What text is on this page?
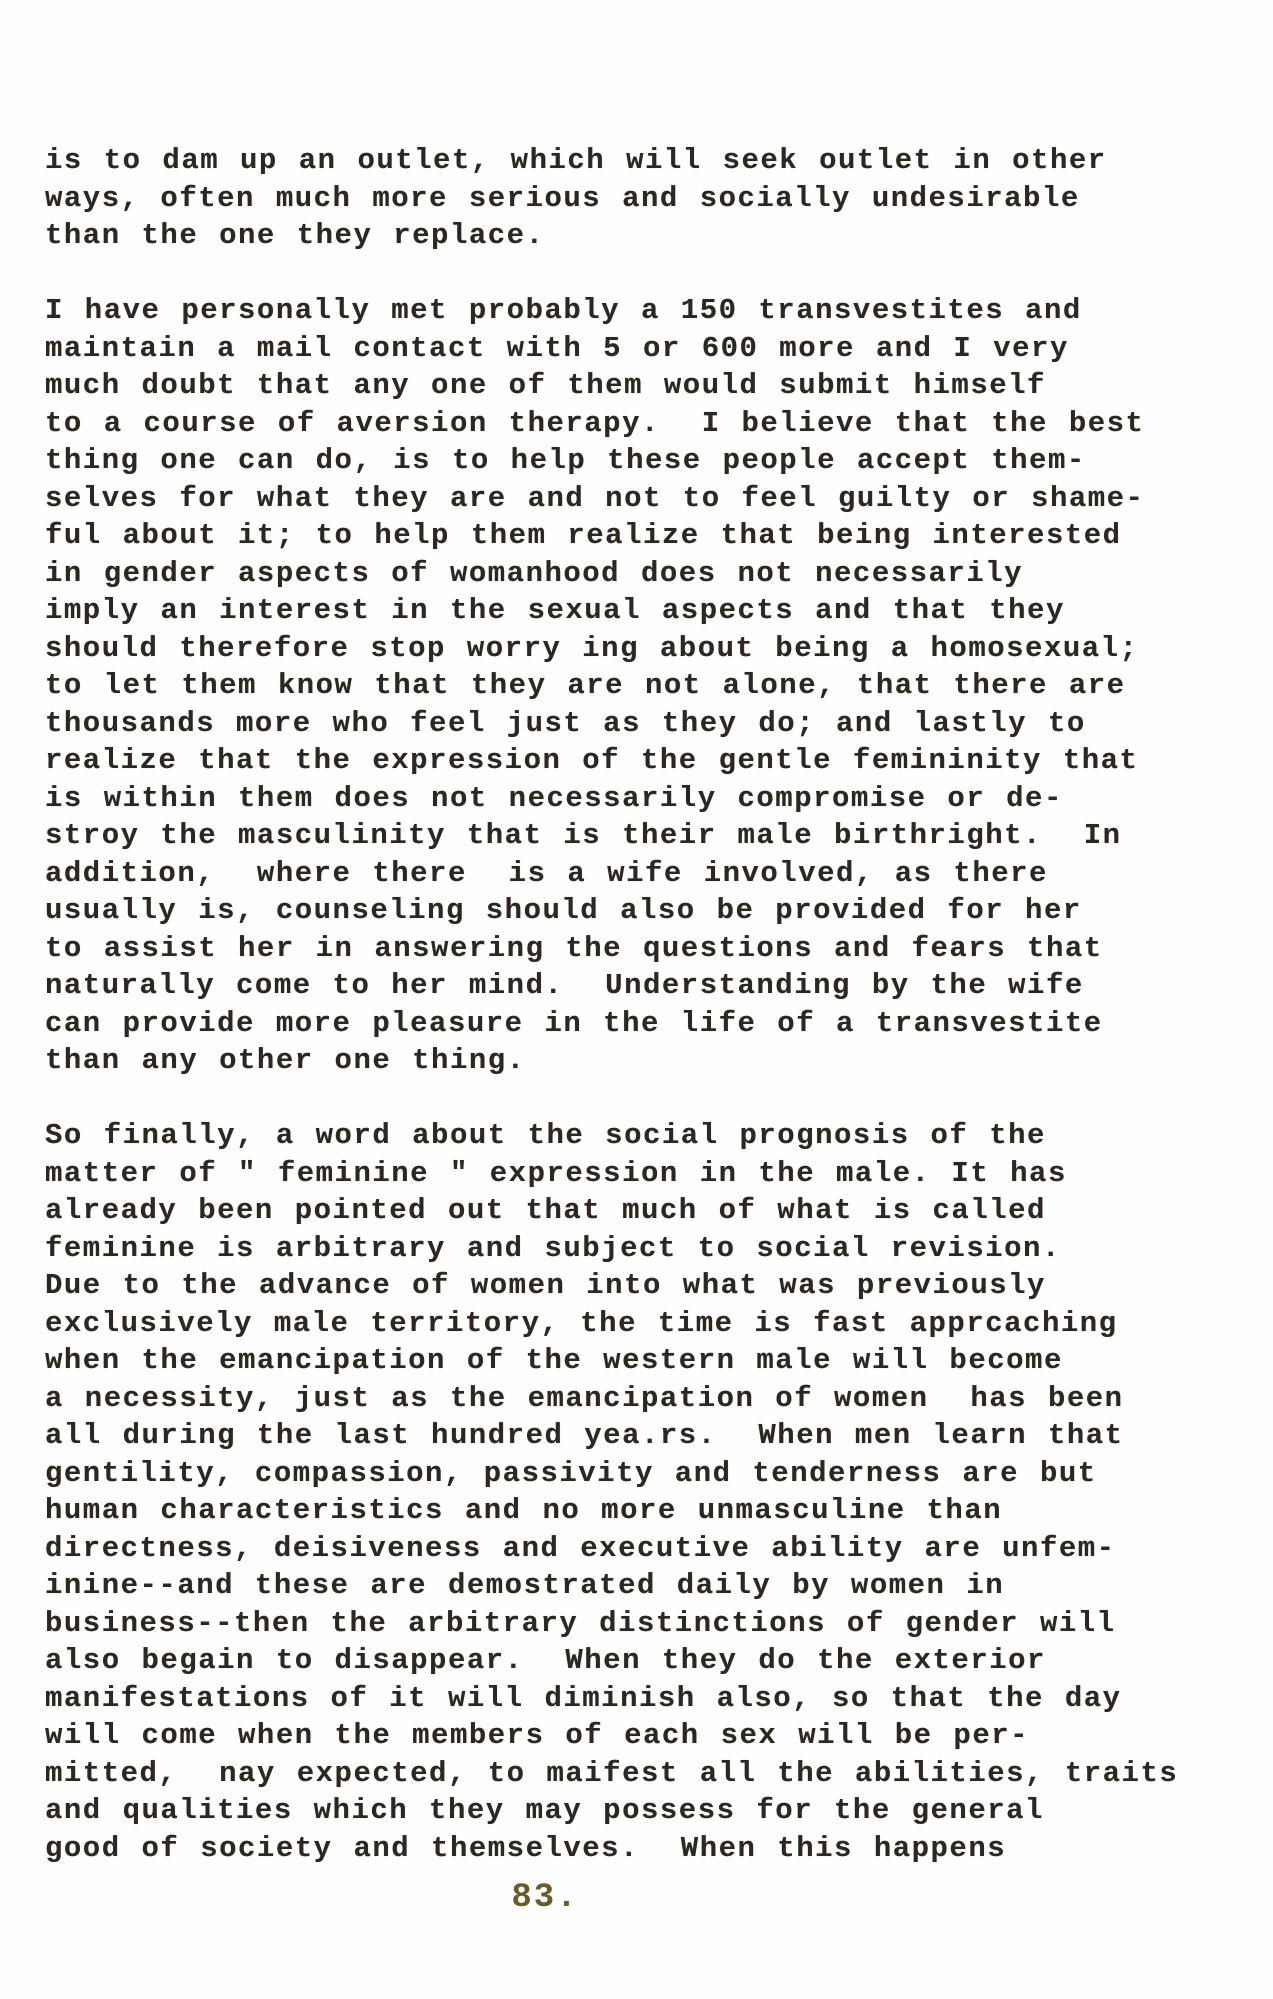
is to dam up an outlet, which will seek outlet in other
ways, often much more serious and socially undesirable
than the one they replace.
I have personally met probably a 150 transvestites and
maintain a mail contact with 5 or 600 more and I very
much doubt that any one of them would submit himself
to a course of aversion therapy.  I believe that the best
thing one can do, is to help these people accept them-
selves for what they are and not to feel guilty or shame-
ful about it; to help them realize that being interested
in gender aspects of womanhood does not necessarily
imply an interest in the sexual aspects and that they
should therefore stop worry ing about being a homosexual;
to let them know that they are not alone, that there are
thousands more who feel just as they do; and lastly to
realize that the expression of the gentle femininity that
is within them does not necessarily compromise or de-
stroy the masculinity that is their male birthright.  In
addition,  where there  is a wife involved, as there
usually is, counseling should also be provided for her
to assist her in answering the questions and fears that
naturally come to her mind.  Understanding by the wife
can provide more pleasure in the life of a transvestite
than any other one thing.
So finally, a word about the social prognosis of the
matter of " feminine " expression in the male. It has
already been pointed out that much of what is called
feminine is arbitrary and subject to social revision.
Due to the advance of women into what was previously
exclusively male territory, the time is fast apprcaching
when the emancipation of the western male will become
a necessity, just as the emancipation of women  has been
all during the last hundred yea.rs.  When men learn that
gentility, compassion, passivity and tenderness are but
human characteristics and no more unmasculine than
directness, deisiveness and executive ability are unfem-
inine--and these are demostrated daily by women in
business--then the arbitrary distinctions of gender will
also begain to disappear.  When they do the exterior
manifestations of it will diminish also, so that the day
will come when the members of each sex will be per-
mitted,  nay expected, to maifest all the abilities, traits
and qualities which they may possess for the general
good of society and themselves.  When this happens
83.
